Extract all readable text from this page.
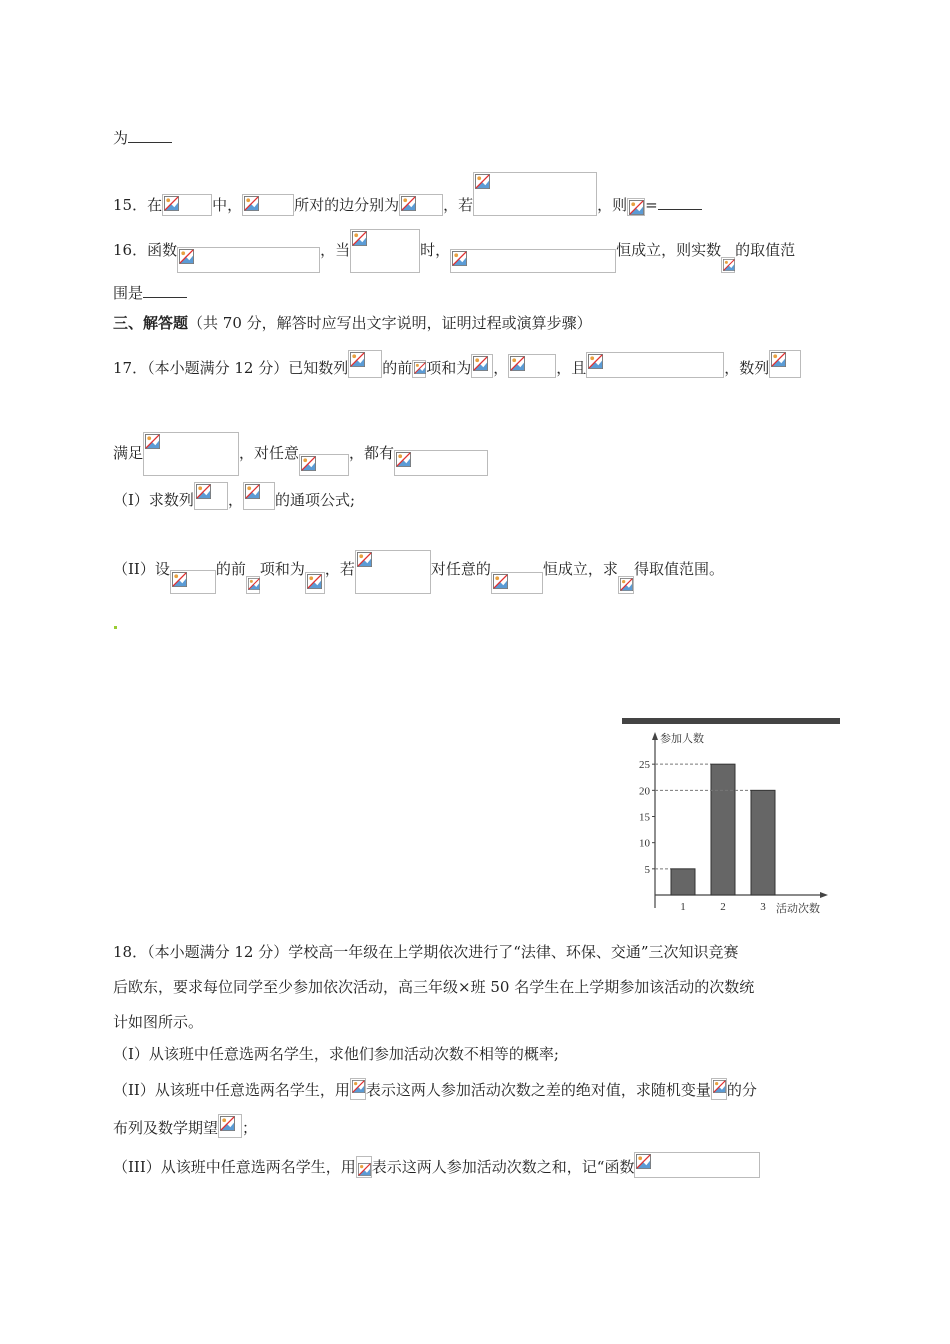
为
15．在	中，	所对的边分别为	，若	，则 =
16．函数	，当	时，	恒成立，则实数 的取值范
围是
三、解答题（共 70 分，解答时应写出文字说明，证明过程或演算步骤）
17．（本小题满分 12 分）已知数列 的前 项和为 ，	，且	，数列
满足	，对任意	，都有
（I）求数列 ， 的通项公式;
（II）设	的前 项和为 ，若	对任意的	恒成立，求 得取值范围。
参加人数
活动次数
5
10
15
20
25
1	2	3
18．（本小题满分 12 分）学校高一年级在上学期依次进行了“法律、环保、交通”三次知识竞赛
后欧东，要求每位同学至少参加依次活动，高三年级×班 50 名学生在上学期参加该活动的次数统
计如图所示。
（I）从该班中任意选两名学生，求他们参加活动次数不相等的概率;
（II）从该班中任意选两名学生，用 表示这两人参加活动次数之差的绝对值，求随机变量 的分
布列及数学期望 ；
（III）从该班中任意选两名学生，用 表示这两人参加活动次数之和，记“函数
